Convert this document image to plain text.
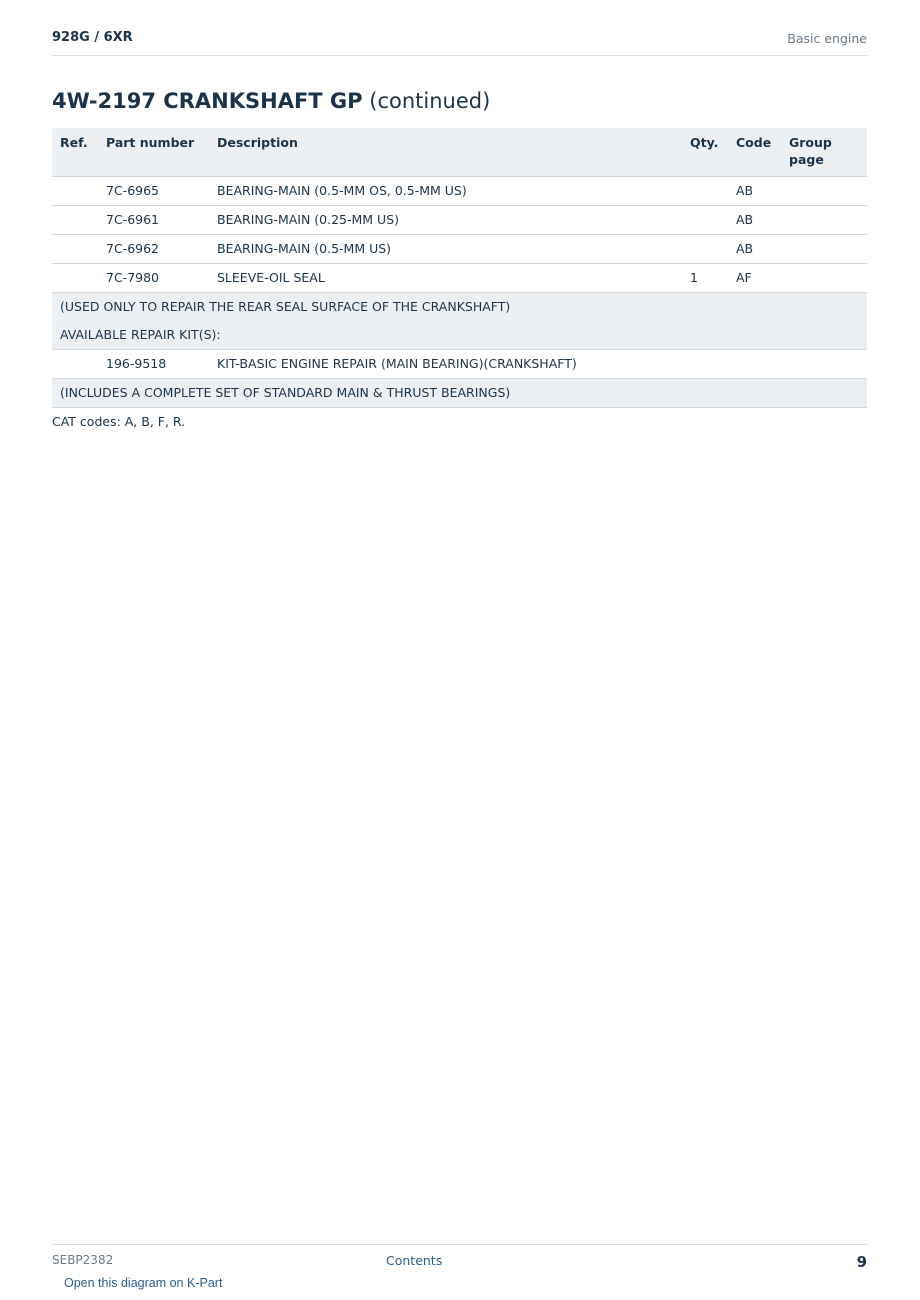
928G / 6XR	Basic engine
4W-2197 CRANKSHAFT GP (continued)
Ref.	Part number	Description	Qty.	Code	Group page
	7C-6965	BEARING-MAIN (0.5-MM OS, 0.5-MM US)		AB	
	7C-6961	BEARING-MAIN (0.25-MM US)		AB	
	7C-6962	BEARING-MAIN (0.5-MM US)		AB	
	7C-7980	SLEEVE-OIL SEAL	1	AF	
(USED ONLY TO REPAIR THE REAR SEAL SURFACE OF THE CRANKSHAFT)					
AVAILABLE REPAIR KIT(S):					
	196-9518	KIT-BASIC ENGINE REPAIR (MAIN BEARING)(CRANKSHAFT)			
(INCLUDES A COMPLETE SET OF STANDARD MAIN & THRUST BEARINGS)					
CAT codes: A, B, F, R.
SEBP2382	Contents	9
Open this diagram on K-Part
